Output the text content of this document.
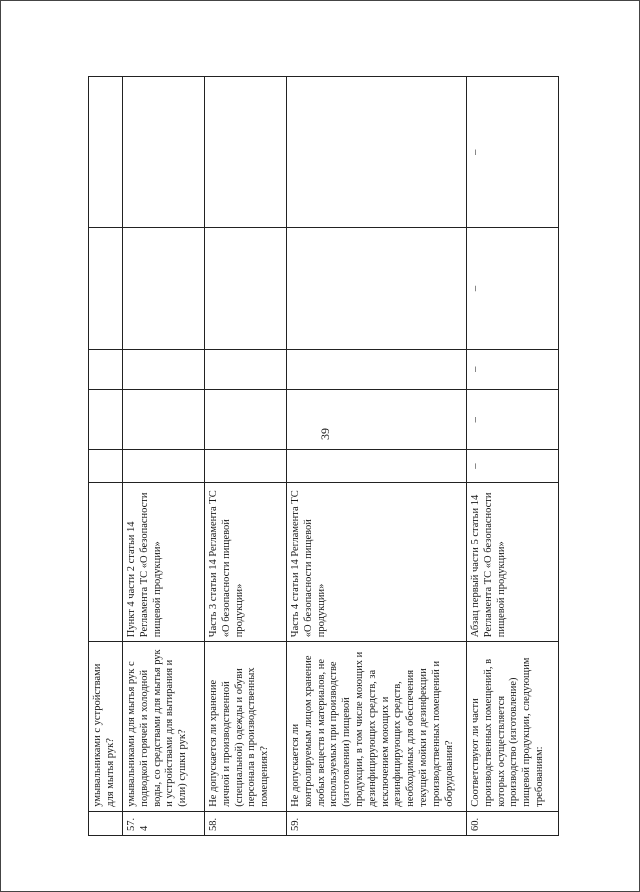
39
	умывальниками с устройствами для мытья рук?						
57.4	умывальниками для мытья рук с подводкой горячей и холодной воды, со средствами для мытья рук и устройствами для вытирания и (или) сушки рук?	Пункт 4 части 2 статьи 14 Регламента ТС «О безопасности пищевой продукции»					
58.	Не допускается ли хранение личной и производственной (специальной) одежды и обуви персонала в производственных помещениях?	Часть 3 статьи 14 Регламента ТС «О безопасности пищевой продукции»					
59.	Не допускается ли контролируемым лицом хранение любых веществ и материалов, не используемых при производстве (изготовлении) пищевой продукции, в том числе моющих и дезинфицирующих средств, за исключением моющих и дезинфицирующих средств, необходимых для обеспечения текущей мойки и дезинфекции производственных помещений и оборудования?	Часть 4 статьи 14 Регламента ТС «О безопасности пищевой продукции»					
60.	Соответствуют ли части производственных помещений, в которых осуществляется производство (изготовление) пищевой продукции, следующим требованиям:	Абзац первый части 5 статьи 14 Регламента ТС «О безопасности пищевой продукции»	–	–	–	–	–
